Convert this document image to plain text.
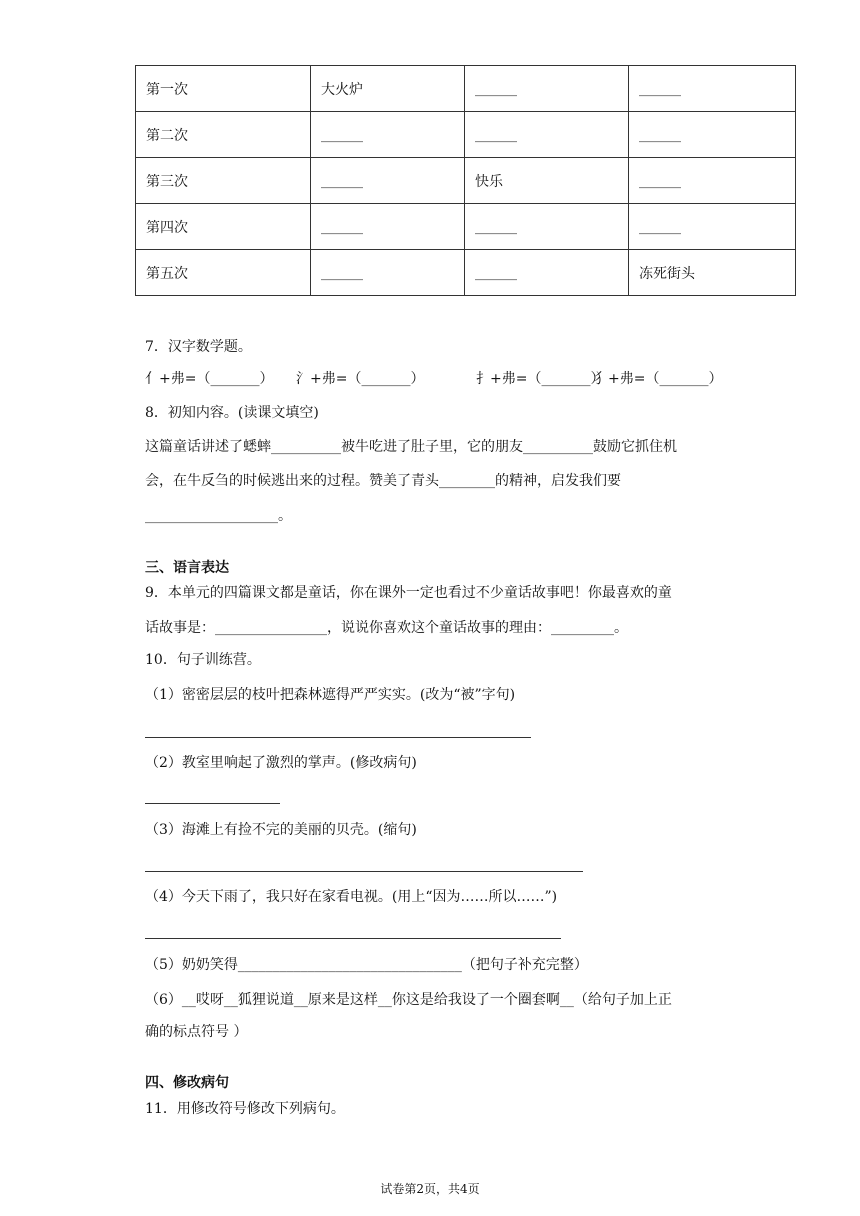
第一次	大火炉	______	______
第二次	______	______	______
第三次	______	快乐	______
第四次	______	______	______
第五次	______	______	冻死街头
7．汉字数学题。
亻+弗=（_______） 氵+弗=（_______）	扌+弗=（_______）
犭+弗=（_______）
8．初知内容。(读课文填空)
这篇童话讲述了蟋蟀__________被牛吃进了肚子里，它的朋友__________鼓励它抓住机
会，在牛反刍的时候逃出来的过程。赞美了青头________的精神，启发我们要
___________________。
三、语言表达
9．本单元的四篇课文都是童话，你在课外一定也看过不少童话故事吧！你最喜欢的童
话故事是：________________，说说你喜欢这个童话故事的理由：_________。
10．句子训练营。
（1）密密层层的枝叶把森林遮得严严实实。(改为“被”字句)
（2）教室里响起了激烈的掌声。(修改病句)
（3）海滩上有捡不完的美丽的贝壳。(缩句)
（4）今天下雨了，我只好在家看电视。(用上“因为……所以……”)
（5）奶奶笑得________________________________（把句子补充完整）
（6）__哎呀__狐狸说道__原来是这样__你这是给我设了一个圈套啊__（给句子加上正
确的标点符号 ）
四、修改病句
11．用修改符号修改下列病句。
试卷第2页，共4页
